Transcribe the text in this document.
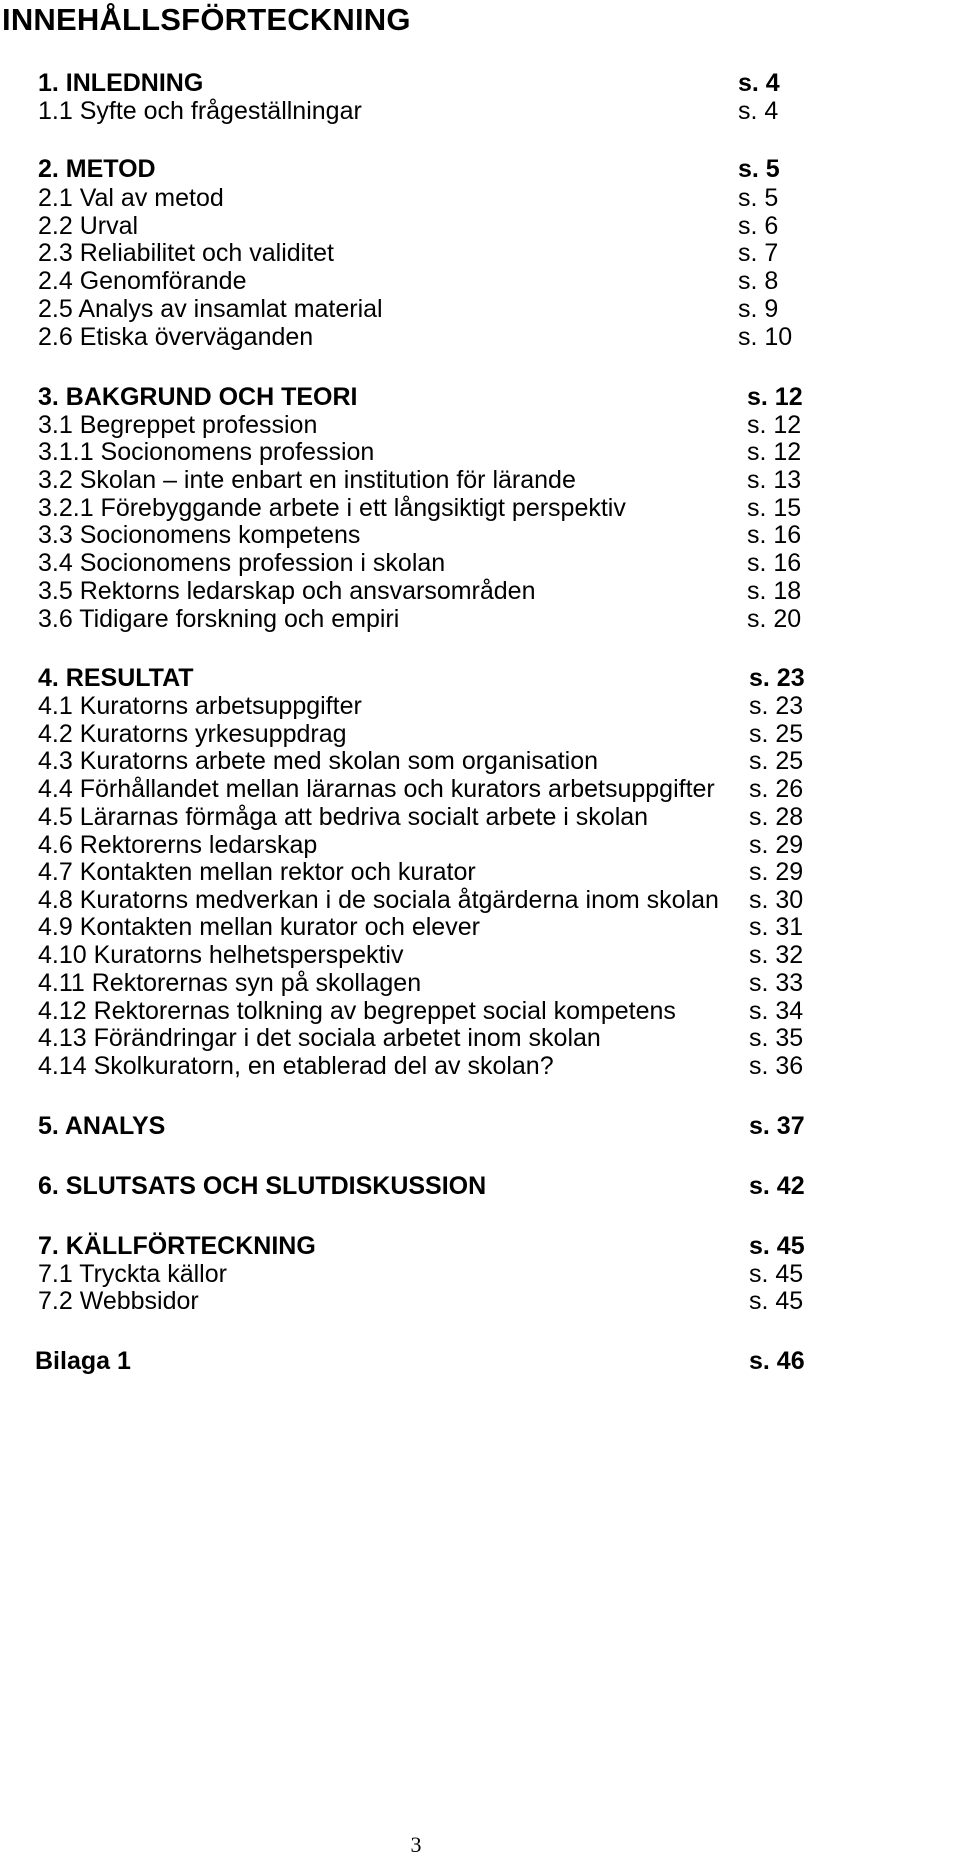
INNEHÅLLSFÖRTECKNING
1. INLEDNING	s. 4
1.1 Syfte och frågeställningar	s. 4
2. METOD	s. 5
2.1 Val av metod	s. 5
2.2 Urval	s. 6
2.3 Reliabilitet och validitet	s. 7
2.4 Genomförande	s. 8
2.5 Analys av insamlat material	s. 9
2.6 Etiska överväganden	s. 10
3. BAKGRUND OCH TEORI	s. 12
3.1 Begreppet profession	s. 12
3.1.1 Socionomens profession	s. 12
3.2 Skolan – inte enbart en institution för lärande	s. 13
3.2.1 Förebyggande arbete i ett långsiktigt perspektiv	s. 15
3.3 Socionomens kompetens	s. 16
3.4 Socionomens profession i skolan	s. 16
3.5 Rektorns ledarskap och ansvarsområden	s. 18
3.6 Tidigare forskning och empiri	s. 20
4. RESULTAT	s. 23
4.1 Kuratorns arbetsuppgifter	s. 23
4.2 Kuratorns yrkesuppdrag	s. 25
4.3 Kuratorns arbete med skolan som organisation	s. 25
4.4 Förhållandet mellan lärarnas och kurators arbetsuppgifter s. 26
4.5 Lärarnas förmåga att bedriva socialt arbete i skolan	s. 28
4.6 Rektorerns ledarskap	s. 29
4.7 Kontakten mellan rektor och kurator	s. 29
4.8 Kuratorns medverkan i de sociala åtgärderna inom skolan s. 30
4.9 Kontakten mellan kurator och elever	s. 31
4.10 Kuratorns helhetsperspektiv	s. 32
4.11 Rektorernas syn på skollagen	s. 33
4.12 Rektorernas tolkning av begreppet social kompetens	s. 34
4.13 Förändringar i det sociala arbetet inom skolan	s. 35
4.14 Skolkuratorn, en etablerad del av skolan?	s. 36
5. ANALYS	s. 37
6. SLUTSATS OCH SLUTDISKUSSION	s. 42
7. KÄLLFÖRTECKNING	s. 45
7.1 Tryckta källor	s. 45
7.2 Webbsidor	s. 45
Bilaga 1	s. 46
3
